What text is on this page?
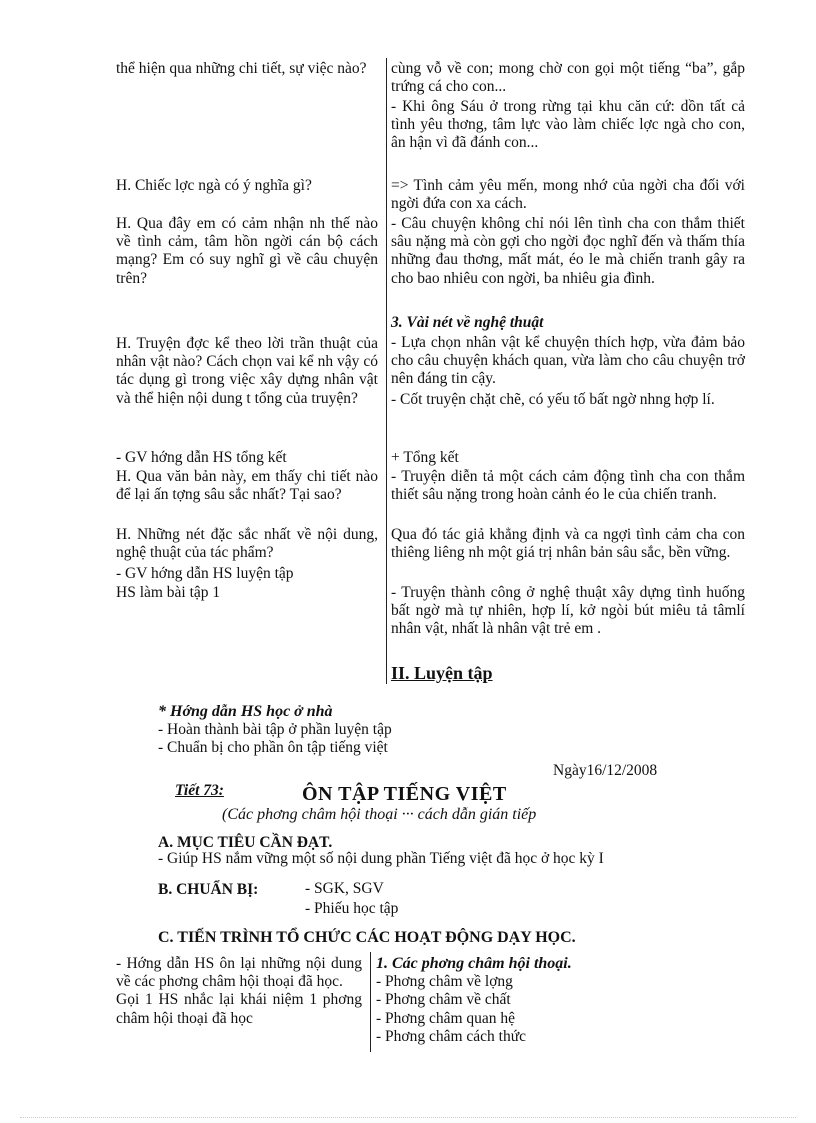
thể hiện qua những chi tiết, sự việc nào?

H. Chiếc lợc ngà có ý nghĩa gì?

H. Qua đây em có cảm nhận nh thế nào về tình cảm, tâm hồn ngời cán bộ cách mạng? Em có suy nghĩ gì về câu chuyện trên?

H. Truyện đợc kể theo lời trần thuật của nhân vật nào? Cách chọn vai kể nh vậy có tác dụng gì trong việc xây dựng nhân vật và thể hiện nội dung t tổng của truyện?

- GV hớng dẫn HS tổng kết

H. Qua văn bản này, em thấy chi tiết nào để lại ấn tợng sâu sắc nhất? Tại sao?

H. Những nét đặc sắc nhất về nội dung, nghệ thuật của tác phẩm?

- GV hớng dẫn HS luyện tập

HS làm bài tập 1

cùng vỗ về con; mong chờ con gọi một tiếng “ba”, gắp trứng cá cho con...

- Khi ông Sáu ở trong rừng tại khu căn cứ: dồn tất cả tình yêu thơng, tâm lực vào làm chiếc lợc ngà cho con, ân hận vì đã đánh con...

=> Tình cảm yêu mến, mong nhớ của ngời cha đối với ngời đứa con xa cách.

- Câu chuyện không chỉ nói lên tình cha con thắm thiết sâu nặng mà còn gợi cho ngời đọc nghĩ đến và thấm thía những đau thơng, mất mát, éo le mà chiến tranh gây ra cho bao nhiêu con ngời, ba nhiêu gia đình.

3. Vài nét về nghệ thuật

- Lựa chọn nhân vật kể chuyện thích hợp, vừa đảm bảo cho câu chuyện khách quan, vừa làm cho câu chuyện trở nên đáng tin cậy.

- Cốt truyện chặt chẽ, có yếu tố bất ngờ nhng hợp lí.

+ Tổng kết

- Truyện diễn tả một cách cảm động tình cha con thắm thiết sâu nặng trong hoàn cảnh éo le của chiến tranh.

Qua đó tác giả khẳng định và ca ngợi tình cảm cha con thiêng liêng nh một giá trị nhân bản sâu sắc, bền vững.

- Truyện thành công ở nghệ thuật xây dựng tình huống bất ngờ mà tự nhiên, hợp lí, kở ngòi bút miêu tả tâmlí nhân vật, nhất là nhân vật trẻ em .

II. Luyện tập

* Hớng dẫn HS học ở nhà
- Hoàn thành bài tập ở phần luyện tập
- Chuẩn bị cho phần ôn tập tiếng việt
Ngày16/12/2008
Tiết 73:	ÔN TẬP TIẾNG VIỆT
(Các phơng châm hội thoại ··· cách dẫn gián tiếp
A. MỤC TIÊU CẦN ĐẠT.
- Giúp HS nắm vững một số nội dung phần Tiếng việt đã học ở học kỳ I
B. CHUẨN BỊ:	- SGK, SGV
- Phiếu học tập
C. TIẾN TRÌNH TỔ CHỨC CÁC HOẠT ĐỘNG DẠY HỌC.
- Hớng dẫn HS ôn lại những nội dung về các phơng châm hội thoại đã học.
Gọi 1 HS nhắc lại khái niệm 1 phơng châm hội thoại đã học
1. Các phơng châm hội thoại.
- Phơng châm về lợng
- Phơng châm về chất
- Phơng châm quan hệ
- Phơng châm cách thức
